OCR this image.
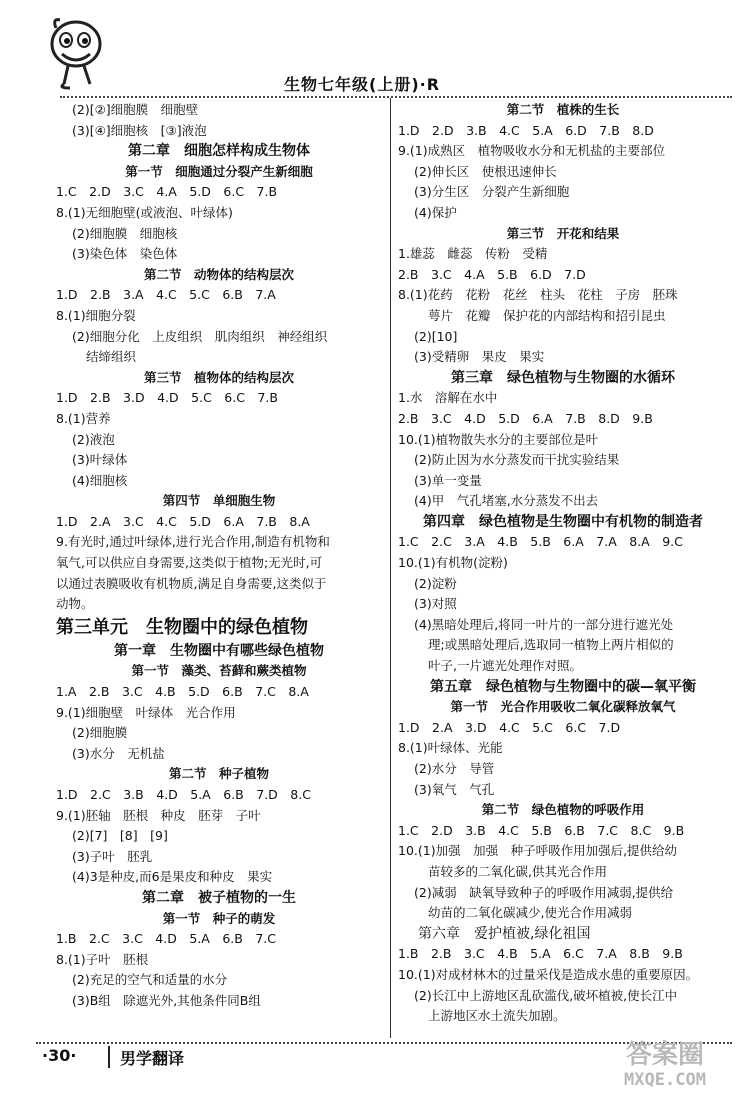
生物七年级(上册)·R
(2)[②]细胞膜　细胞壁
(3)[④]细胞核　[③]液泡
第二章　细胞怎样构成生物体
第一节　细胞通过分裂产生新细胞
1.C　2.D　3.C　4.A　5.D　6.C　7.B
8.(1)无细胞壁(或液泡、叶绿体)
(2)细胞膜　细胞核
(3)染色体　染色体
第二节　动物体的结构层次
1.D　2.B　3.A　4.C　5.C　6.B　7.A
8.(1)细胞分裂
(2)细胞分化　上皮组织　肌肉组织　神经组织
结缔组织
第三节　植物体的结构层次
1.D　2.B　3.D　4.D　5.C　6.C　7.B
8.(1)营养
(2)液泡
(3)叶绿体
(4)细胞核
第四节　单细胞生物
1.D　2.A　3.C　4.C　5.D　6.A　7.B　8.A
9.有光时,通过叶绿体,进行光合作用,制造有机物和
氧气,可以供应自身需要,这类似于植物;无光时,可
以通过表膜吸收有机物质,满足自身需要,这类似于
动物。
第三单元　生物圈中的绿色植物
第一章　生物圈中有哪些绿色植物
第一节　藻类、苔藓和蕨类植物
1.A　2.B　3.C　4.B　5.D　6.B　7.C　8.A
9.(1)细胞壁　叶绿体　光合作用
(2)细胞膜
(3)水分　无机盐
第二节　种子植物
1.D　2.C　3.B　4.D　5.A　6.B　7.D　8.C
9.(1)胚轴　胚根　种皮　胚芽　子叶
(2)[7]　[8]　[9]
(3)子叶　胚乳
(4)3是种皮,而6是果皮和种皮　果实
第二章　被子植物的一生
第一节　种子的萌发
1.B　2.C　3.C　4.D　5.A　6.B　7.C
8.(1)子叶　胚根
(2)充足的空气和适量的水分
(3)B组　除遮光外,其他条件同B组
第二节　植株的生长
1.D　2.D　3.B　4.C　5.A　6.D　7.B　8.D
9.(1)成熟区　植物吸收水分和无机盐的主要部位
(2)伸长区　使根迅速伸长
(3)分生区　分裂产生新细胞
(4)保护
第三节　开花和结果
1.雄蕊　雌蕊　传粉　受精
2.B　3.C　4.A　5.B　6.D　7.D
8.(1)花药　花粉　花丝　柱头　花柱　子房　胚珠
萼片　花瓣　保护花的内部结构和招引昆虫
(2)[10]
(3)受精卵　果皮　果实
第三章　绿色植物与生物圈的水循环
1.水　溶解在水中
2.B　3.C　4.D　5.D　6.A　7.B　8.D　9.B
10.(1)植物散失水分的主要部位是叶
(2)防止因为水分蒸发而干扰实验结果
(3)单一变量
(4)甲　气孔堵塞,水分蒸发不出去
第四章　绿色植物是生物圈中有机物的制造者
1.C　2.C　3.A　4.B　5.B　6.A　7.A　8.A　9.C
10.(1)有机物(淀粉)
(2)淀粉
(3)对照
(4)黑暗处理后,将同一叶片的一部分进行遮光处
理;或黑暗处理后,选取同一植物上两片相似的
叶子,一片遮光处理作对照。
第五章　绿色植物与生物圈中的碳—氧平衡
第一节　光合作用吸收二氧化碳释放氧气
1.D　2.A　3.D　4.C　5.C　6.C　7.D
8.(1)叶绿体、光能
(2)水分　导管
(3)氧气　气孔
第二节　绿色植物的呼吸作用
1.C　2.D　3.B　4.C　5.B　6.B　7.C　8.C　9.B
10.(1)加强　加强　种子呼吸作用加强后,提供给幼
苗较多的二氧化碳,供其光合作用
(2)减弱　缺氧导致种子的呼吸作用减弱,提供给
幼苗的二氧化碳减少,使光合作用减弱
第六章　爱护植被,绿化祖国
1.B　2.B　3.C　4.B　5.A　6.C　7.A　8.B　9.B
10.(1)对成材林木的过量采伐是造成水患的重要原因。
(2)长江中上游地区乱砍滥伐,破坏植被,使长江中
上游地区水土流失加剧。
·30·	男学翻译	答案圈
MXQE.COM
